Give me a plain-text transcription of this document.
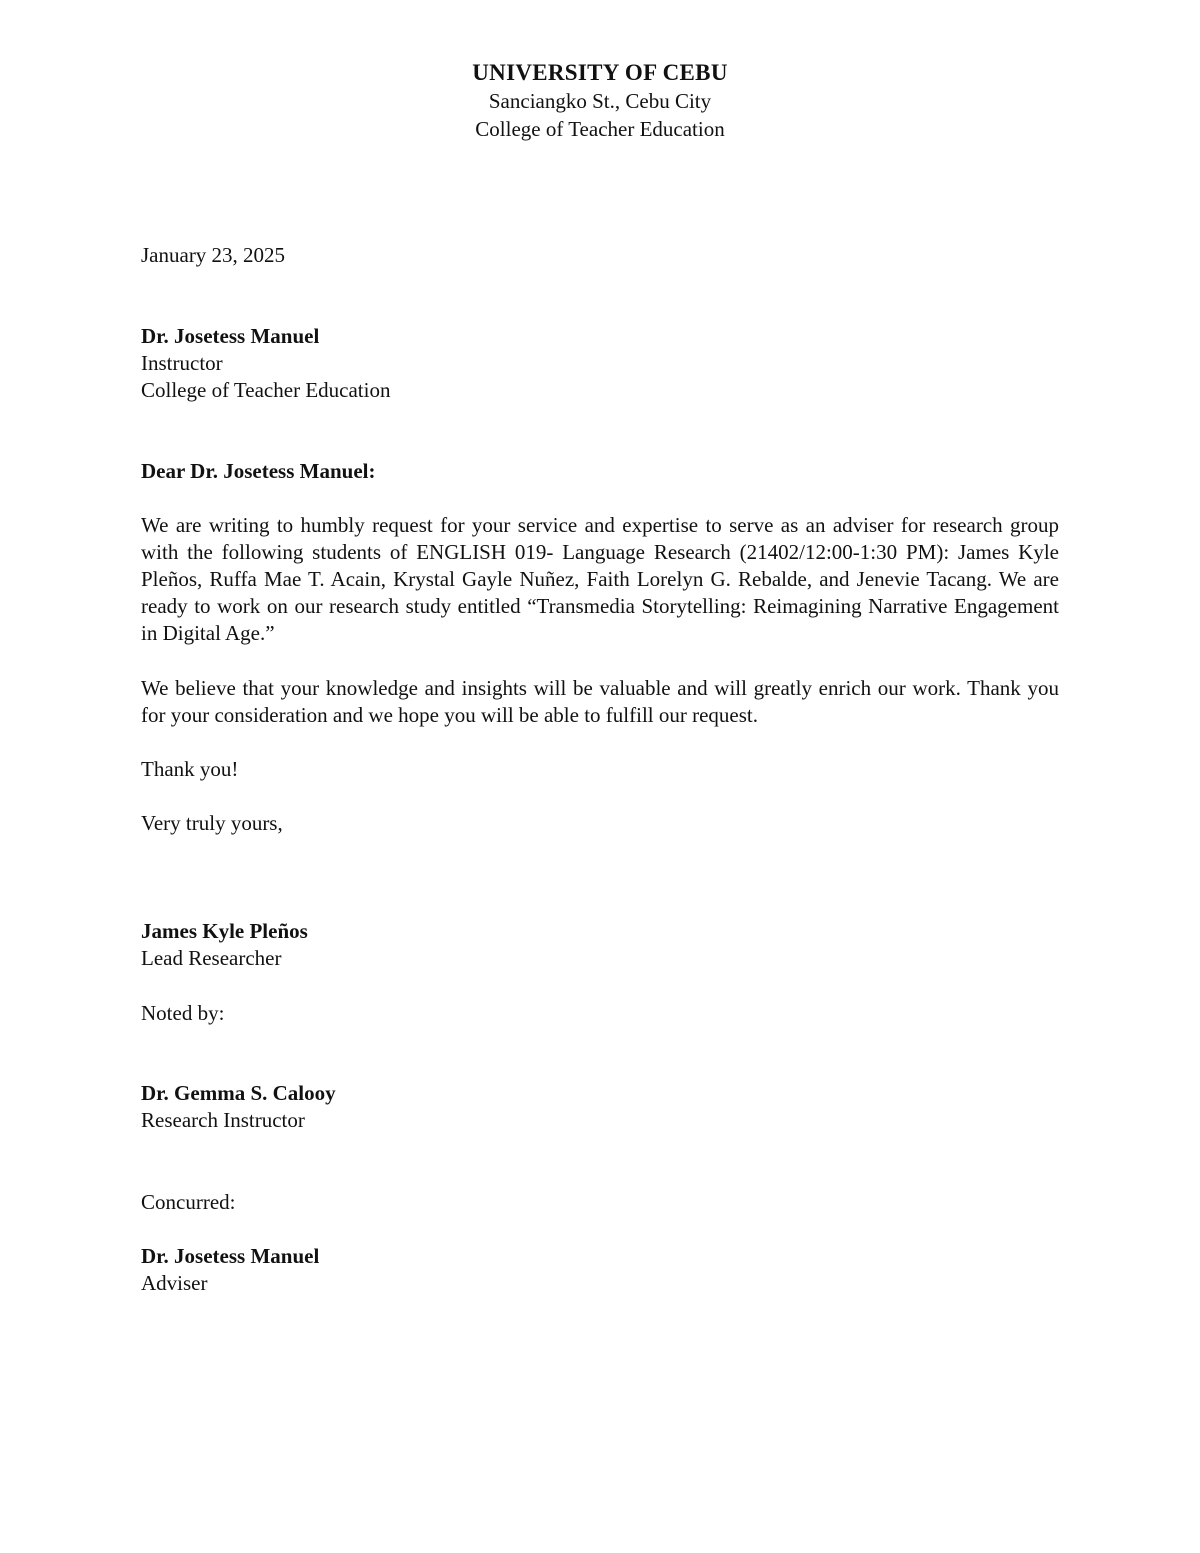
UNIVERSITY OF CEBU
Sanciangko St., Cebu City
College of Teacher Education
January 23, 2025
Dr. Josetess Manuel
Instructor
College of Teacher Education
Dear Dr. Josetess Manuel:
We are writing to humbly request for your service and expertise to serve as an adviser for research group with the following students of ENGLISH 019- Language Research (21402/12:00-1:30 PM): James Kyle Pleños, Ruffa Mae T. Acain, Krystal Gayle Nuñez, Faith Lorelyn G. Rebalde, and Jenevie Tacang. We are ready to work on our research study entitled “Transmedia Storytelling: Reimagining Narrative Engagement in Digital Age.”
We believe that your knowledge and insights will be valuable and will greatly enrich our work. Thank you for your consideration and we hope you will be able to fulfill our request.
Thank you!
Very truly yours,
James Kyle Pleños
Lead Researcher
Noted by:
Dr. Gemma S. Calooy
Research Instructor
Concurred:
Dr. Josetess Manuel
Adviser
